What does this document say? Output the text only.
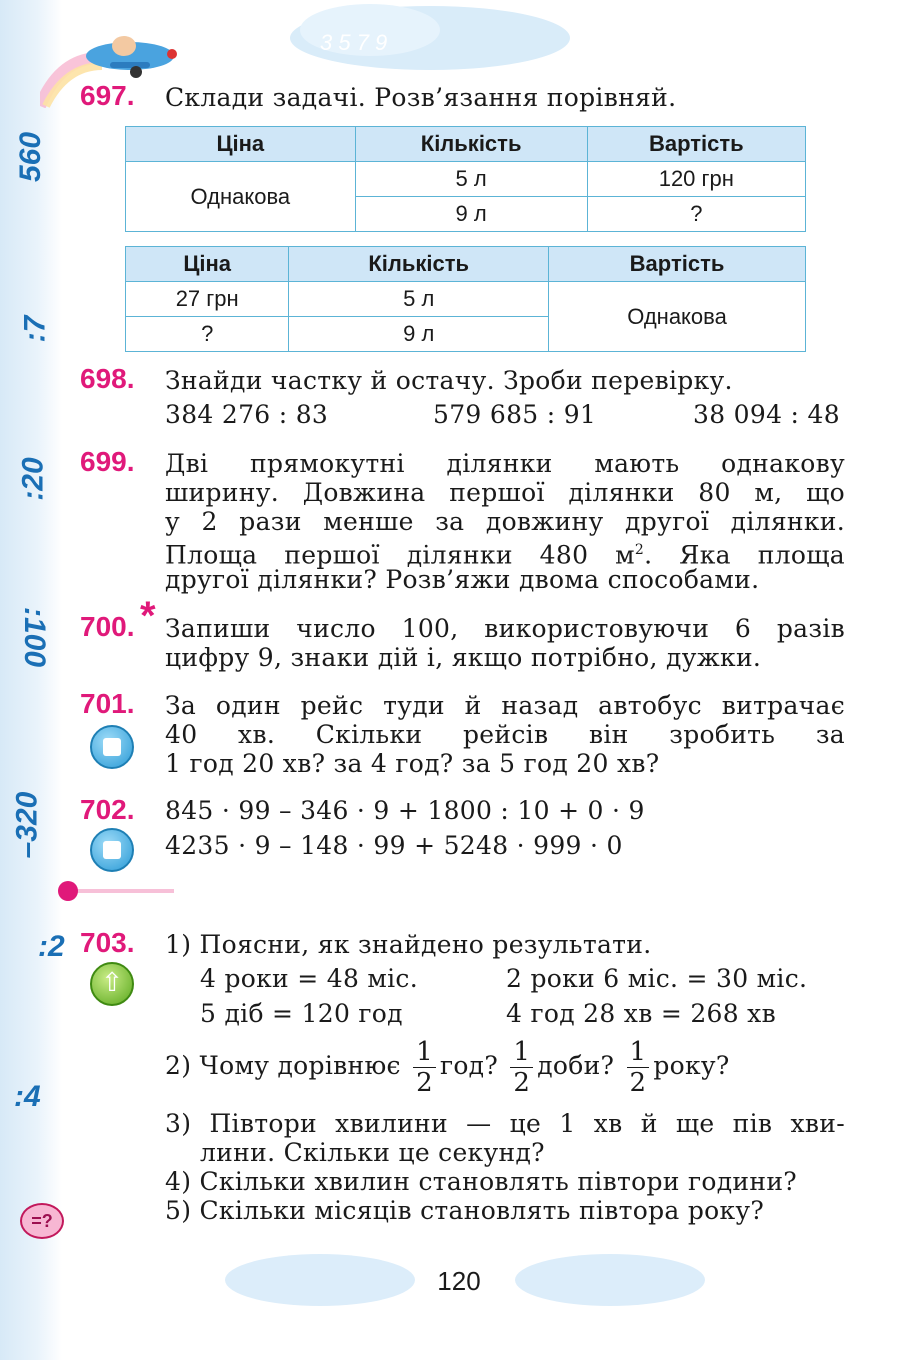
3 5 7 9
560
:7
:20
:100
–320
:2
:4
=?
697. Склади задачі. Розв’язання порівняй.
Ціна	Кількість	Вартість
Однакова	5 л	120 грн
	9 л	?
Ціна	Кількість	Вартість
27 грн	5 л	Однакова
?	9 л	
698. Знайди частку й остачу. Зроби перевірку.
384 276 : 83	579 685 : 91	38 094 : 48
699. Дві прямокутні ділянки мають однакову
ширину. Довжина першої ділянки 80 м, що
у 2 рази менше за довжину другої ділянки.
Площа першої ділянки 480 $м^2$. Яка площа
другої ділянки? Розв’яжи двома способами.
700. * Запиши число 100, використовуючи 6 разів
цифру 9, знаки дій і, якщо потрібно, дужки.
701. За один рейс туди й назад автобус витрачає
40 хв. Скільки рейсів він зробить за
1 год 20 хв? за 4 год? за 5 год 20 хв?
702. 845 · 99 – 346 · 9 + 1800 : 10 + 0 · 9
4235 · 9 – 148 · 99 + 5248 · 999 · 0
703.
⇧
1) Поясни, як знайдено результати.
4 роки = 48 міс.	2 роки 6 міс. = 30 міс.
5 діб = 120 год	4 год 28 хв = 268 хв
2) Чому дорівнює $\frac{1}{2}$ год? $\frac{1}{2}$ доби? $\frac{1}{2}$ року?
3) Півтори хвилини — це 1 хв й ще пів хви-
лини. Скільки це секунд?
4) Скільки хвилин становлять півтори години?
5) Скільки місяців становлять півтора року?
120
